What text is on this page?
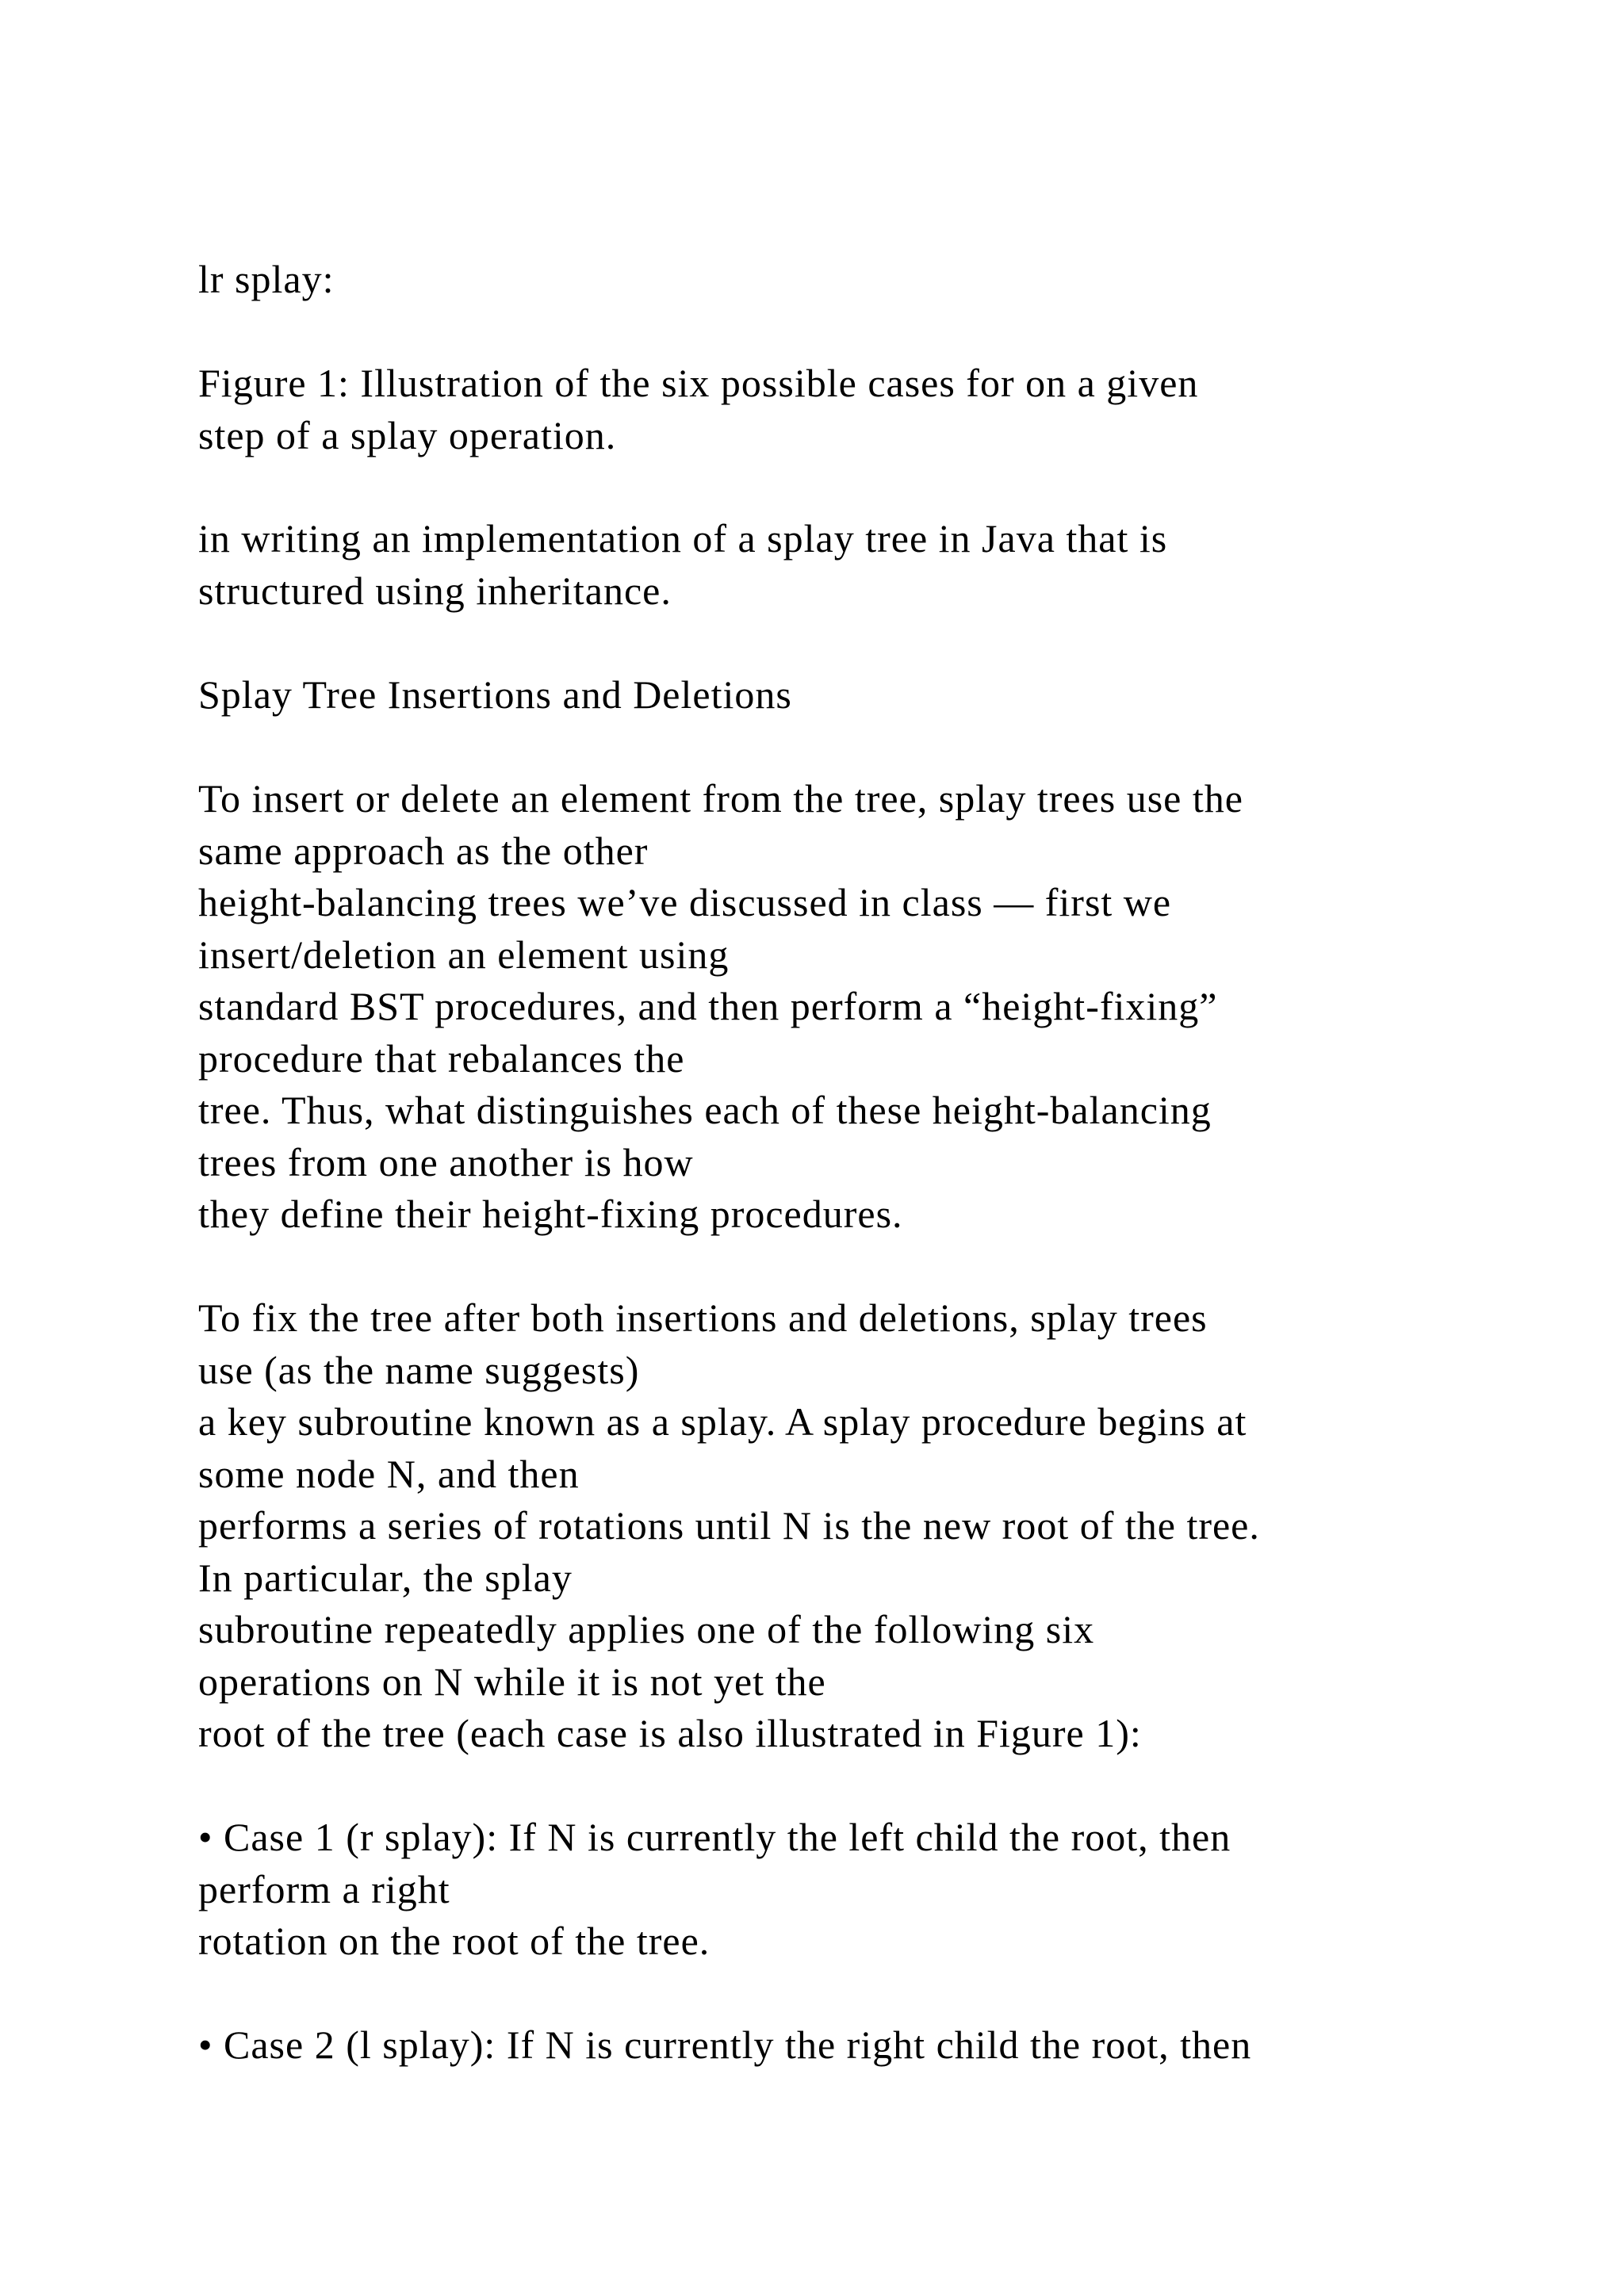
lr splay:
Figure 1: Illustration of the six possible cases for on a given
step of a splay operation.
in writing an implementation of a splay tree in Java that is
structured using inheritance.
Splay Tree Insertions and Deletions
To insert or delete an element from the tree, splay trees use the
same approach as the other
height-balancing trees we’ve discussed in class — first we
insert/deletion an element using
standard BST procedures, and then perform a “height-fixing”
procedure that rebalances the
tree. Thus, what distinguishes each of these height-balancing
trees from one another is how
they define their height-fixing procedures.
To fix the tree after both insertions and deletions, splay trees
use (as the name suggests)
a key subroutine known as a splay. A splay procedure begins at
some node N, and then
performs a series of rotations until N is the new root of the tree.
In particular, the splay
subroutine repeatedly applies one of the following six
operations on N while it is not yet the
root of the tree (each case is also illustrated in Figure 1):
• Case 1 (r splay): If N is currently the left child the root, then
perform a right
rotation on the root of the tree.
• Case 2 (l splay): If N is currently the right child the root, then
